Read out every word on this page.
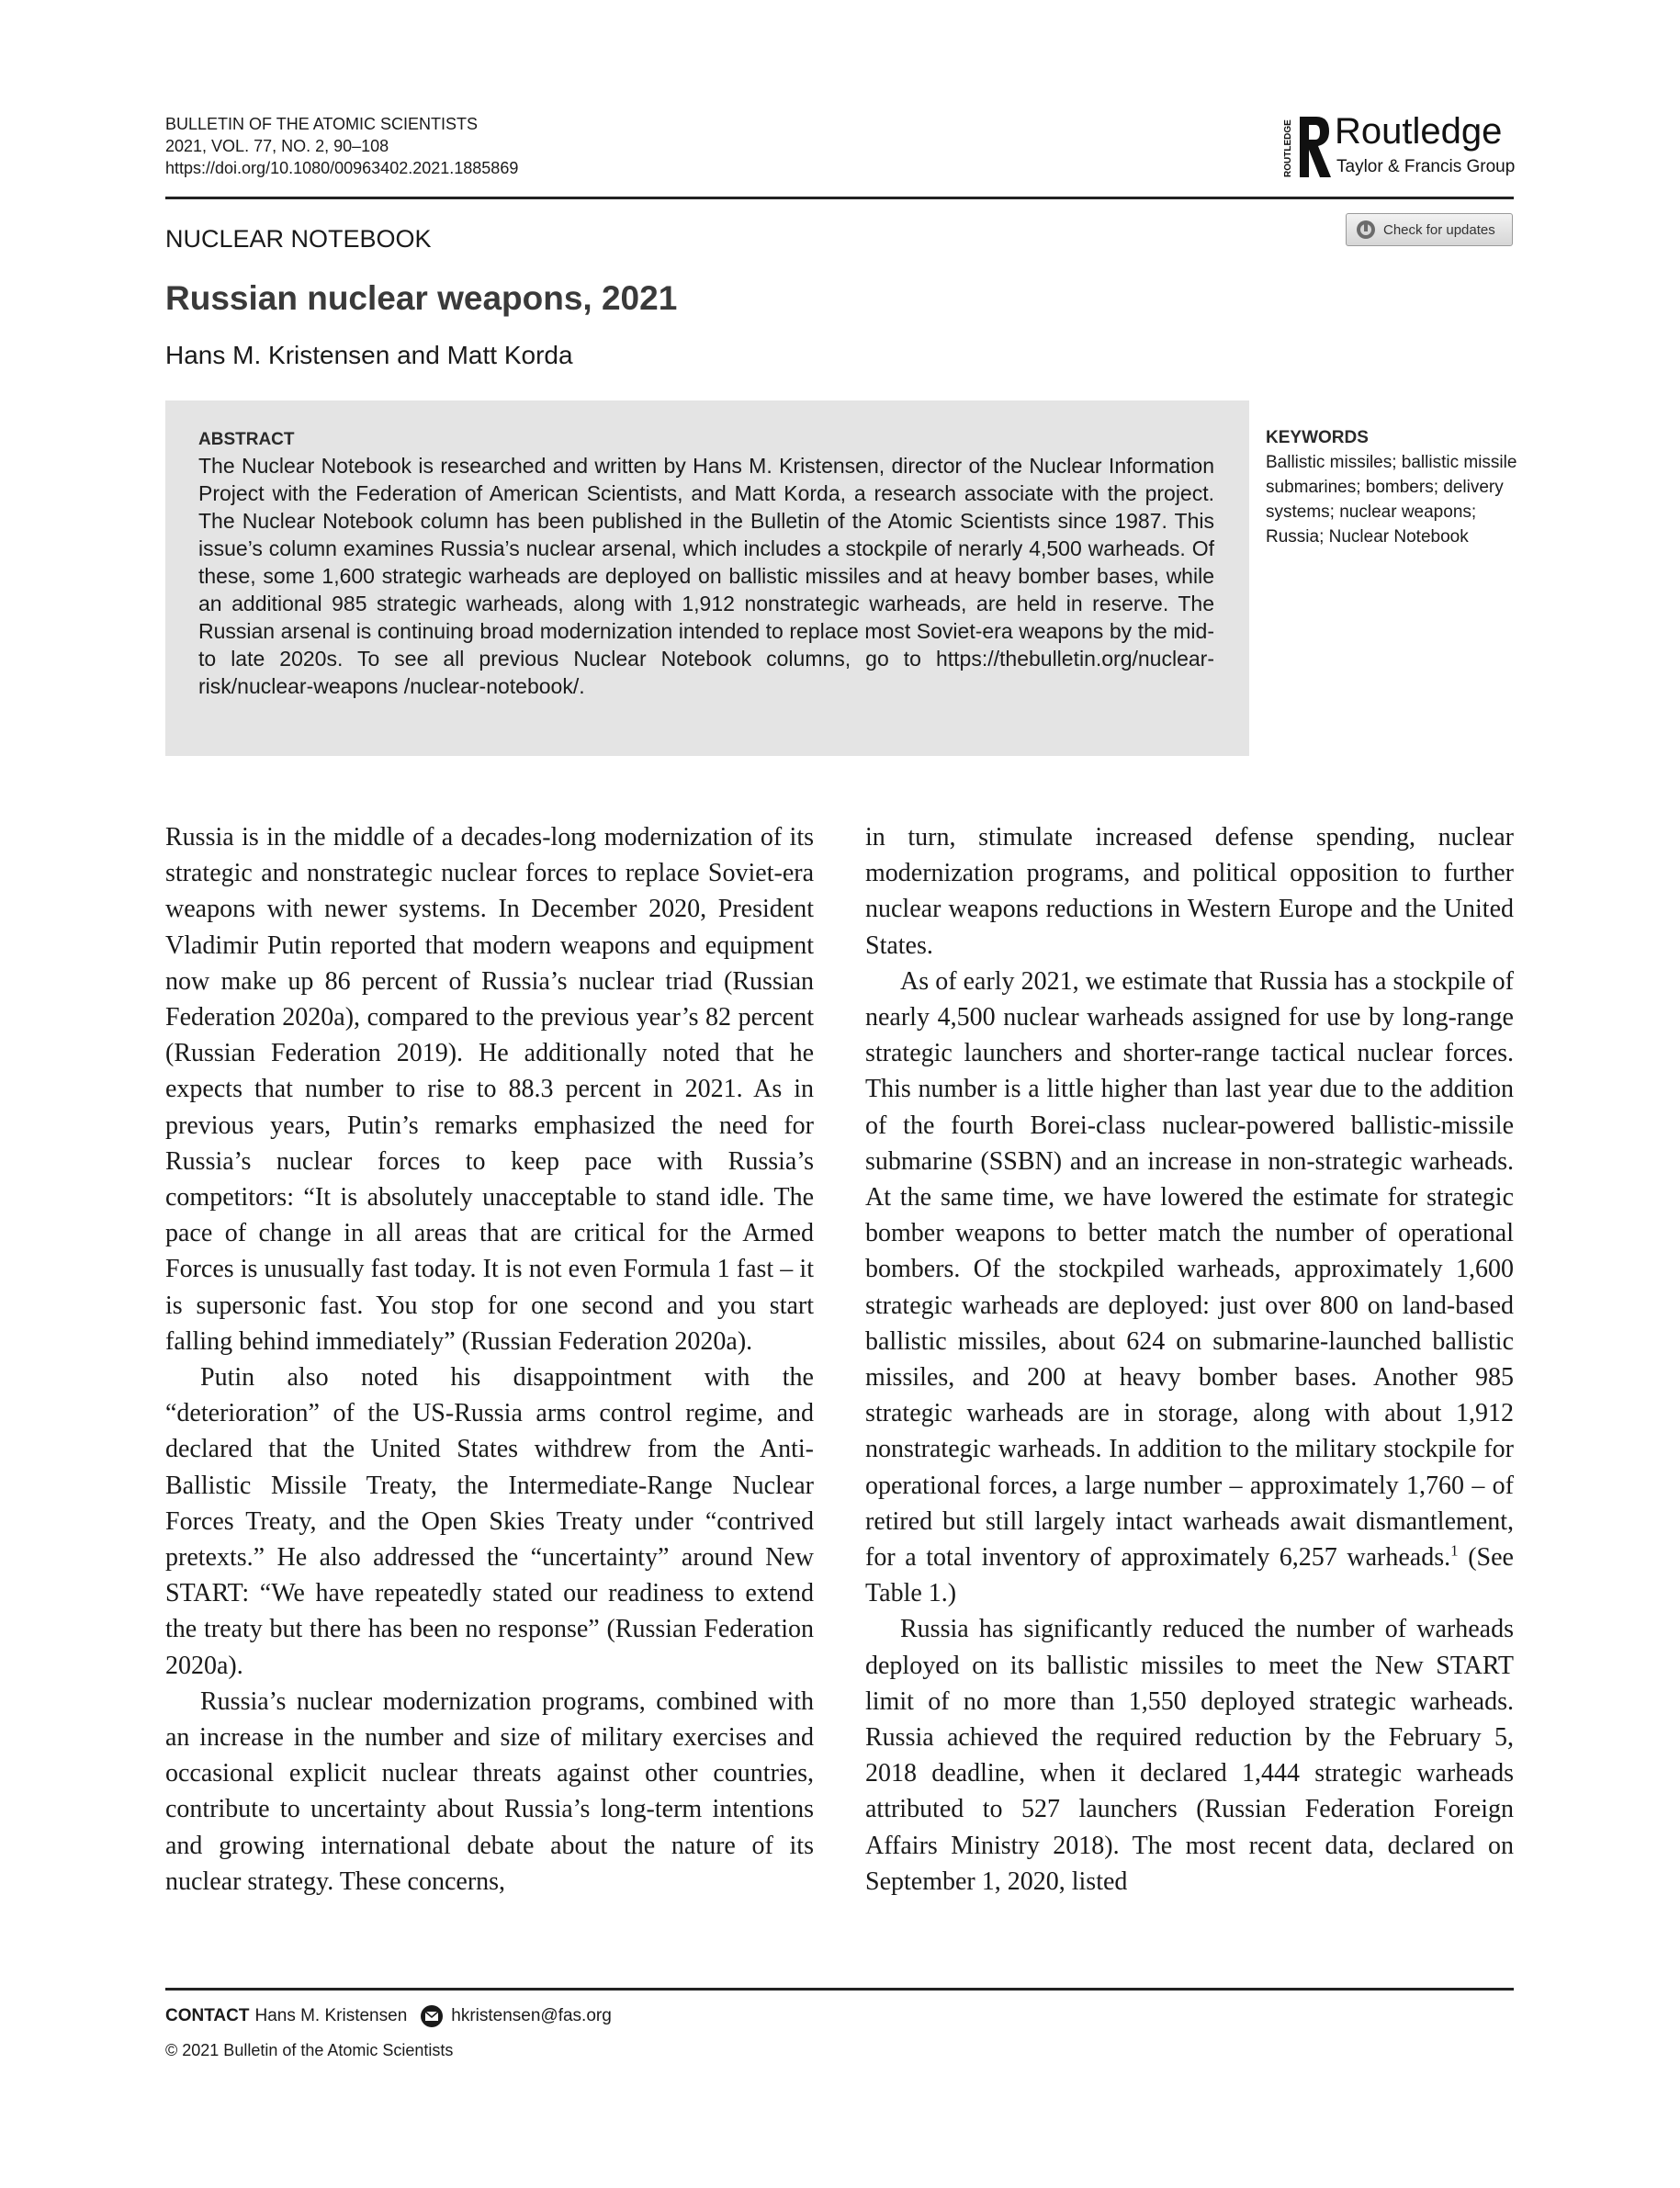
BULLETIN OF THE ATOMIC SCIENTISTS
2021, VOL. 77, NO. 2, 90–108
https://doi.org/10.1080/00963402.2021.1885869	ROUTLEDGE Routledge
Taylor & Francis Group
NUCLEAR NOTEBOOK	Check for updates
Russian nuclear weapons, 2021
Hans M. Kristensen and Matt Korda
ABSTRACT

The Nuclear Notebook is researched and written by Hans M. Kristensen, director of the Nuclear Information Project with the Federation of American Scientists, and Matt Korda, a research associate with the project. The Nuclear Notebook column has been published in the Bulletin of the Atomic Scientists since 1987. This issue’s column examines Russia’s nuclear arsenal, which includes a stockpile of nerarly 4,500 warheads. Of these, some 1,600 strategic warheads are deployed on ballistic missiles and at heavy bomber bases, while an additional 985 strategic warheads, along with 1,912 nonstrategic warheads, are held in reserve. The Russian arsenal is continuing broad modernization intended to replace most Soviet-era weapons by the mid- to late 2020s. To see all previous Nuclear Notebook columns, go to https://thebulletin.org/nuclear-risk/nuclear-weapons /nuclear-notebook/.

KEYWORDS

Ballistic missiles; ballistic missile submarines; bombers; delivery systems; nuclear weapons; Russia; Nuclear Notebook

Russia is in the middle of a decades-long modernization of its strategic and nonstrategic nuclear forces to replace Soviet-era weapons with newer systems. In December 2020, President Vladimir Putin reported that modern weapons and equipment now make up 86 percent of Russia’s nuclear triad (Russian Federation 2020a), compared to the previous year’s 82 percent (Russian Federation 2019). He additionally noted that he expects that number to rise to 88.3 percent in 2021. As in previous years, Putin’s remarks emphasized the need for Russia’s nuclear forces to keep pace with Russia’s competitors: “It is absolutely unacceptable to stand idle. The pace of change in all areas that are critical for the Armed Forces is unusually fast today. It is not even Formula 1 fast – it is supersonic fast. You stop for one second and you start falling behind immediately” (Russian Federation 2020a).

Putin also noted his disappointment with the “deterioration” of the US-Russia arms control regime, and declared that the United States withdrew from the Anti-Ballistic Missile Treaty, the Intermediate-Range Nuclear Forces Treaty, and the Open Skies Treaty under “contrived pretexts.” He also addressed the “uncertainty” around New START: “We have repeatedly stated our readiness to extend the treaty but there has been no response” (Russian Federation 2020a).

Russia’s nuclear modernization programs, combined with an increase in the number and size of military exercises and occasional explicit nuclear threats against other countries, contribute to uncertainty about Russia’s long-term intentions and growing international debate about the nature of its nuclear strategy. These concerns,

in turn, stimulate increased defense spending, nuclear modernization programs, and political opposition to further nuclear weapons reductions in Western Europe and the United States.

As of early 2021, we estimate that Russia has a stockpile of nearly 4,500 nuclear warheads assigned for use by long-range strategic launchers and shorter-range tactical nuclear forces. This number is a little higher than last year due to the addition of the fourth Borei-class nuclear-powered ballistic-missile submarine (SSBN) and an increase in non-strategic warheads. At the same time, we have lowered the estimate for strategic bomber weapons to better match the number of operational bombers. Of the stockpiled warheads, approximately 1,600 strategic warheads are deployed: just over 800 on land-based ballistic missiles, about 624 on submarine-launched ballistic missiles, and 200 at heavy bomber bases. Another 985 strategic warheads are in storage, along with about 1,912 nonstrategic warheads. In addition to the military stockpile for operational forces, a large number – approximately 1,760 – of retired but still largely intact warheads await dismantlement, for a total inventory of approximately 6,257 warheads.$^1$ (See Table 1.)

Russia has significantly reduced the number of warheads deployed on its ballistic missiles to meet the New START limit of no more than 1,550 deployed strategic warheads. Russia achieved the required reduction by the February 5, 2018 deadline, when it declared 1,444 strategic warheads attributed to 527 launchers (Russian Federation Foreign Affairs Ministry 2018). The most recent data, declared on September 1, 2020, listed

CONTACT Hans M. Kristensen	hkristensen@fas.org
© 2021 Bulletin of the Atomic Scientists
